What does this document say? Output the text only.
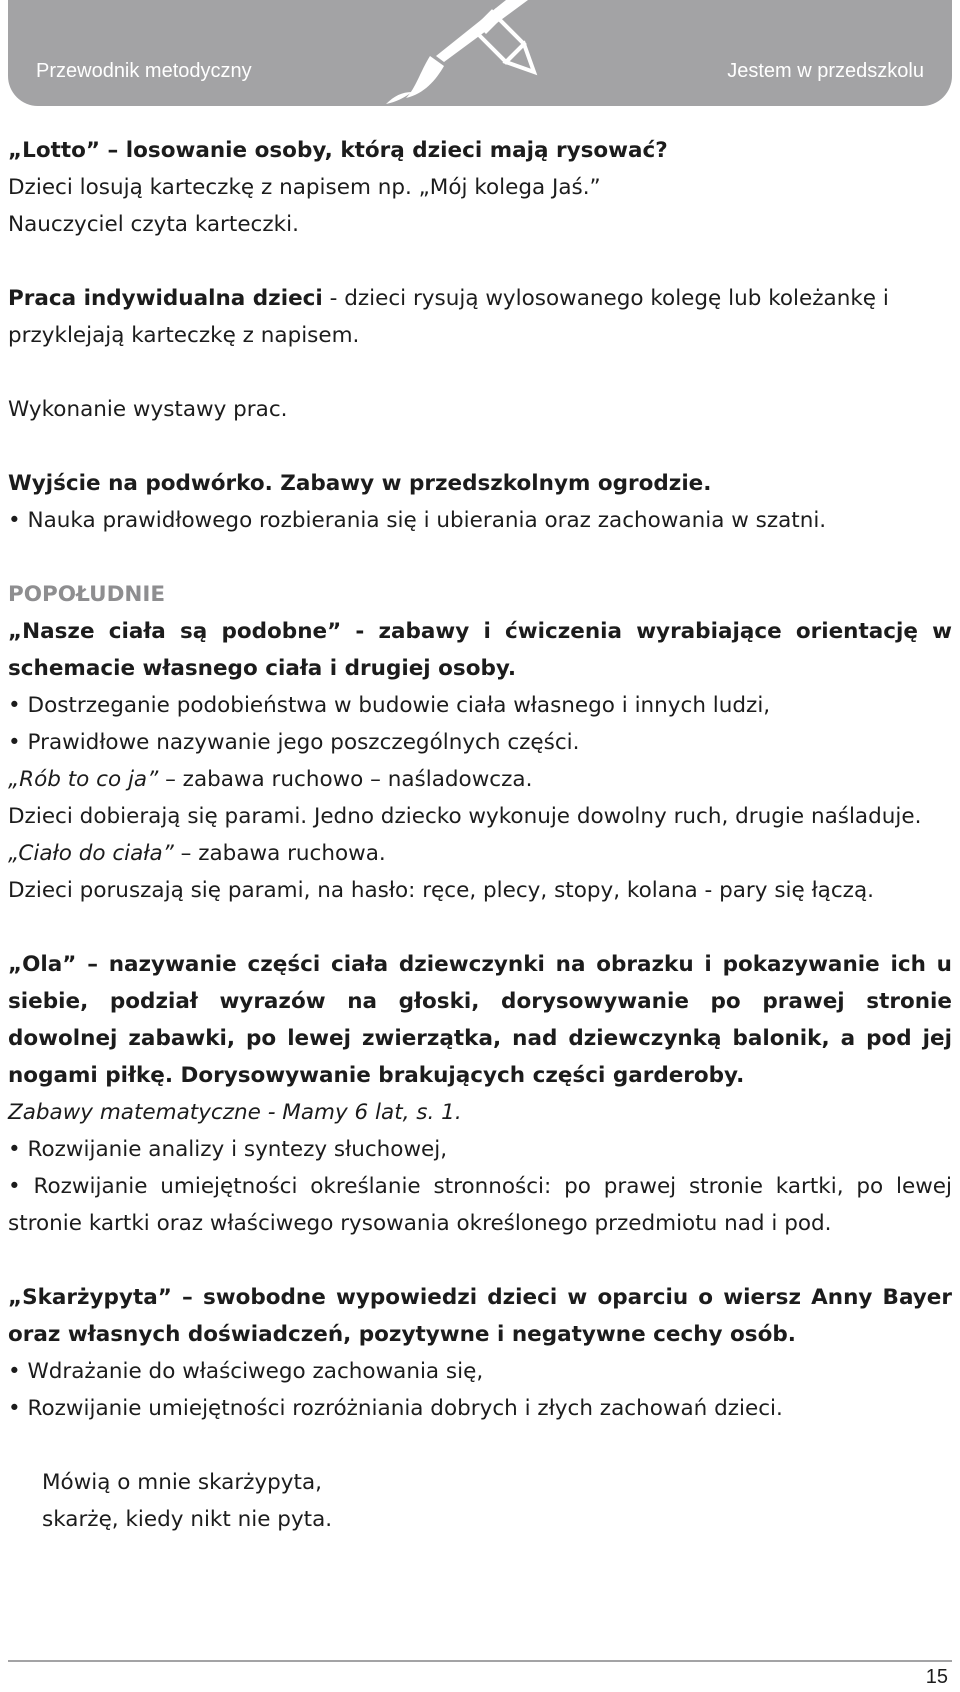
Przewodnik metodyczny	Jestem w przedszkolu

„Lotto” – losowanie osoby, którą dzieci mają rysować?

Dzieci losują karteczkę z napisem np. „Mój kolega Jaś.”

Nauczyciel czyta karteczki.

Praca indywidualna dzieci - dzieci rysują wylosowanego kolegę lub koleżankę i przyklejają karteczkę z napisem.

Wykonanie wystawy prac.

Wyjście na podwórko. Zabawy w przedszkolnym ogrodzie.

• Nauka prawidłowego rozbierania się i ubierania oraz zachowania w szatni.

POPOŁUDNIE

„Nasze ciała są podobne” - zabawy i ćwiczenia wyrabiające orientację w schemacie własnego ciała i drugiej osoby.

• Dostrzeganie podobieństwa w budowie ciała własnego i innych ludzi,

• Prawidłowe nazywanie jego poszczególnych części.

„Rób to co ja” – zabawa ruchowo – naśladowcza.

Dzieci dobierają się parami. Jedno dziecko wykonuje dowolny ruch, drugie naśladuje.

„Ciało do ciała” – zabawa ruchowa.

Dzieci poruszają się parami, na hasło: ręce, plecy, stopy, kolana - pary się łączą.

„Ola” – nazywanie części ciała dziewczynki na obrazku i pokazywanie ich u siebie, podział wyrazów na głoski, dorysowywanie po prawej stronie dowolnej zabawki, po lewej zwierzątka, nad dziewczynką balonik, a pod jej nogami piłkę. Dorysowywanie brakujących części garderoby.

Zabawy matematyczne - Mamy 6 lat, s. 1.

• Rozwijanie analizy i syntezy słuchowej,

• Rozwijanie umiejętności określanie stronności: po prawej stronie kartki, po lewej stronie kartki oraz właściwego rysowania określonego przedmiotu nad i pod.

„Skarżypyta” – swobodne wypowiedzi dzieci w oparciu o wiersz Anny Bayer oraz własnych doświadczeń, pozytywne i negatywne cechy osób.

• Wdrażanie do właściwego zachowania się,

• Rozwijanie umiejętności rozróżniania dobrych i złych zachowań dzieci.

Mówią o mnie skarżypyta,

skarżę, kiedy nikt nie pyta.

15
